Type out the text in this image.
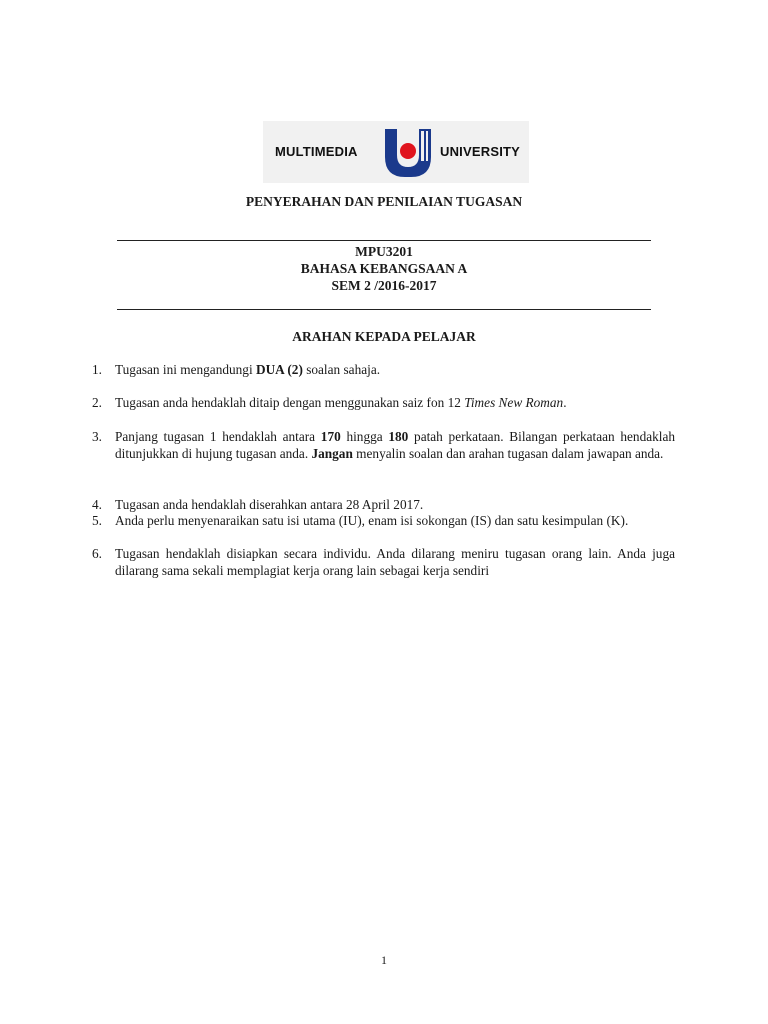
MULTIMEDIA	UNIVERSITY
PENYERAHAN DAN PENILAIAN TUGASAN
MPU3201
BAHASA KEBANGSAAN A
SEM 2 /2016-2017
ARAHAN KEPADA PELAJAR
1. Tugasan ini mengandungi DUA (2) soalan sahaja.
2. Tugasan anda hendaklah ditaip dengan menggunakan saiz fon 12 Times New Roman.
3. Panjang tugasan 1 hendaklah antara 170 hingga 180 patah perkataan. Bilangan perkataan hendaklah ditunjukkan di hujung tugasan anda. Jangan menyalin soalan dan arahan tugasan dalam jawapan anda.
4. Tugasan anda hendaklah diserahkan antara 28 April 2017.
5. Anda perlu menyenaraikan satu isi utama (IU), enam isi sokongan (IS) dan satu kesimpulan (K).
6. Tugasan hendaklah disiapkan secara individu. Anda dilarang meniru tugasan orang lain. Anda juga dilarang sama sekali memplagiat kerja orang lain sebagai kerja sendiri
1
